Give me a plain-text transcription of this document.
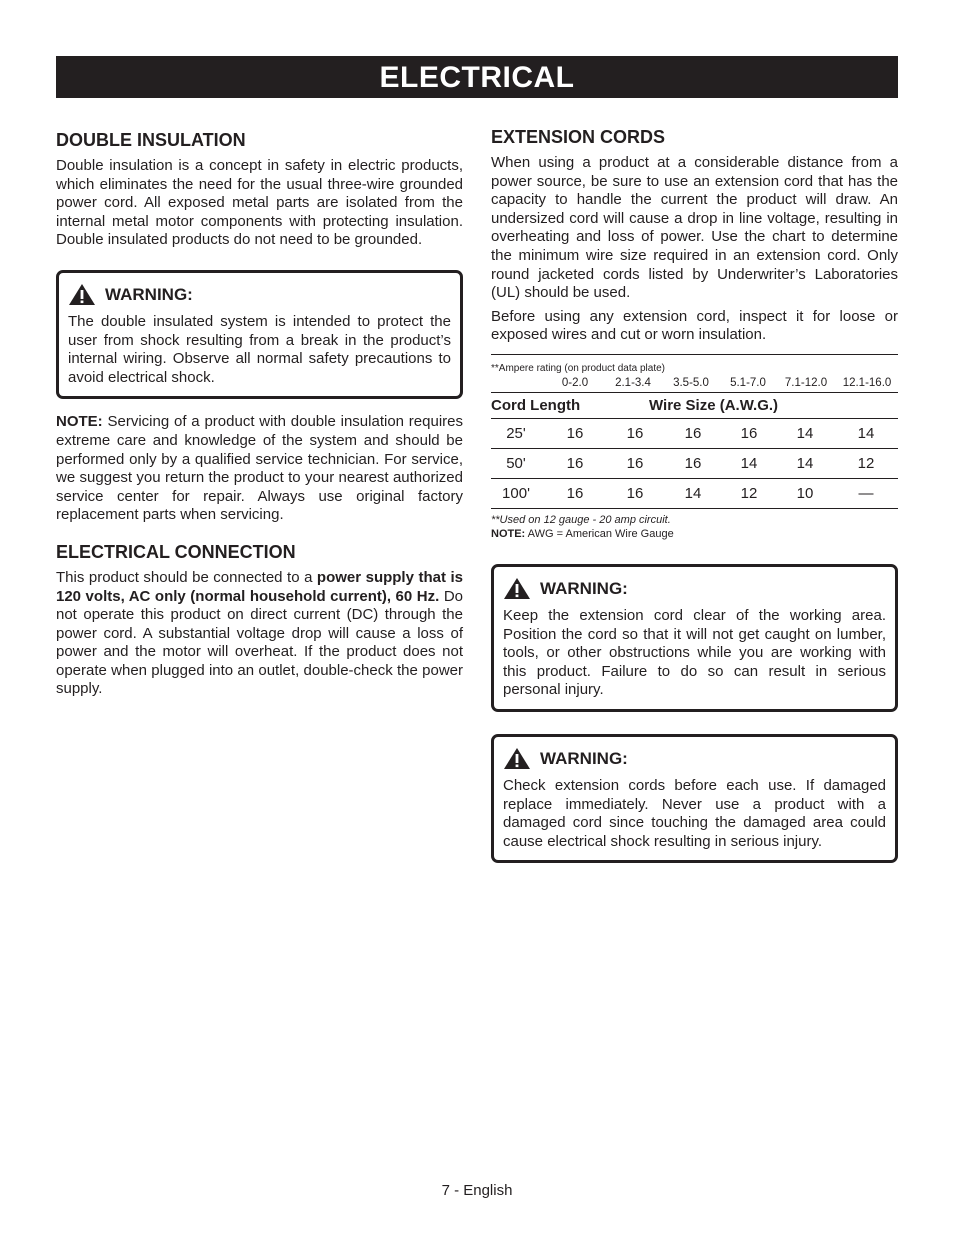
ELECTRICAL
DOUBLE INSULATION

Double insulation is a concept in safety in electric products, which eliminates the need for the usual three-wire grounded power cord. All exposed metal parts are isolated from the internal metal motor components with protecting insulation. Double insulated products do not need to be grounded.

WARNING:

The double insulated system is intended to protect the user from shock resulting from a break in the product’s internal wiring. Observe all normal safety precautions to avoid electrical shock.

NOTE: Servicing of a product with double insulation requires extreme care and knowledge of the system and should be performed only by a qualified service technician. For service, we suggest you return the product to your nearest authorized service center for repair. Always use original factory replacement parts when servicing.

ELECTRICAL CONNECTION

This product should be connected to a power supply that is 120 volts, AC only (normal household current), 60 Hz. Do not operate this product on direct current (DC) through the power cord. A substantial voltage drop will cause a loss of power and the motor will overheat. If the product does not operate when plugged into an outlet, double-check the power supply.

EXTENSION CORDS

When using a product at a considerable distance from a power source, be sure to use an extension cord that has the capacity to handle the current the product will draw. An undersized cord will cause a drop in line voltage, resulting in overheating and loss of power. Use the chart to determine the minimum wire size required in an extension cord. Only round jacketed cords listed by Underwriter’s Laboratories (UL) should be used.

Before using any extension cord, inspect it for loose or exposed wires and cut or worn insulation.

**Ampere rating (on product data plate)
0-2.0	2.1-3.4	3.5-5.0	5.1-7.0	7.1-12.0	12.1-16.0
Cord Length	Wire Size (A.W.G.)
25'	16	16	16	16	14	14
50'	16	16	16	14	14	12
100'	16	16	14	12	10	—
**Used on 12 gauge - 20 amp circuit.
NOTE: AWG = American Wire Gauge
WARNING:

Keep the extension cord clear of the working area. Position the cord so that it will not get caught on lumber, tools, or other obstructions while you are working with this product. Failure to do so can result in serious personal injury.

WARNING:

Check extension cords before each use. If damaged replace immediately. Never use a product with a damaged cord since touching the damaged area could cause electrical shock resulting in serious injury.

7 - English
